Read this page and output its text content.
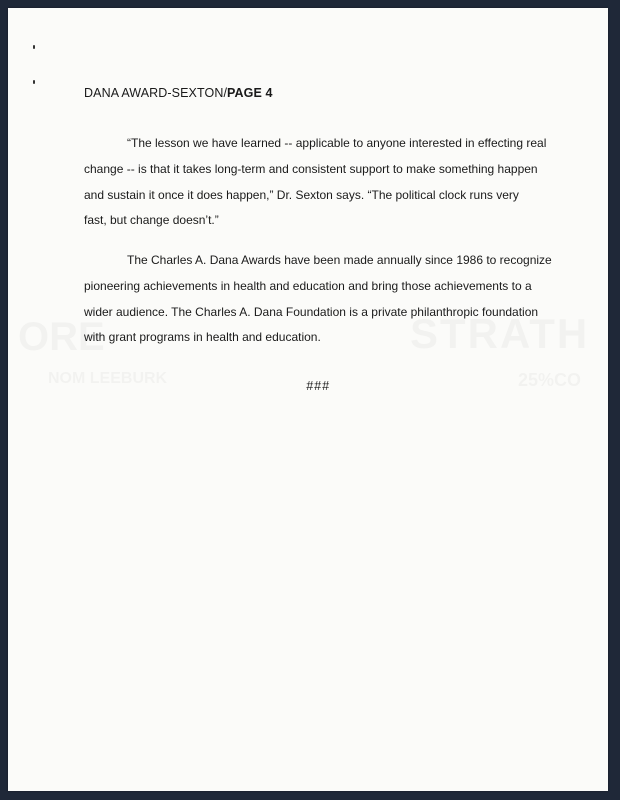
DANA AWARD-SEXTON/PAGE 4

“The lesson we have learned -- applicable to anyone interested in effecting real
change -- is that it takes long-term and consistent support to make something happen
and sustain it once it does happen,” Dr. Sexton says. “The political clock runs very
fast, but change doesn’t.”

The Charles A. Dana Awards have been made annually since 1986 to recognize
pioneering achievements in health and education and bring those achievements to a
wider audience. The Charles A. Dana Foundation is a private philanthropic foundation
with grant programs in health and education.

###
